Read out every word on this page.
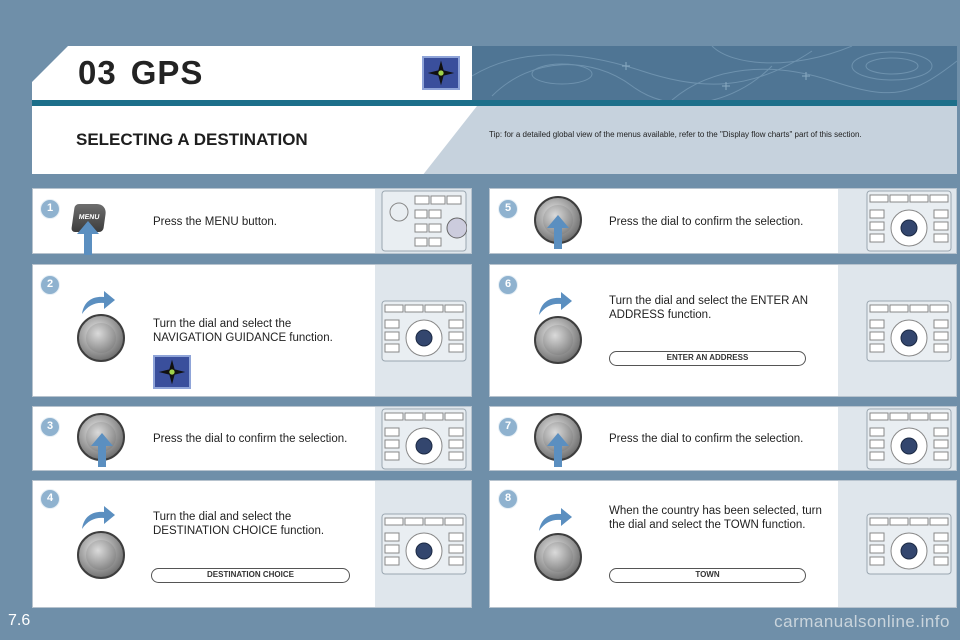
03 GPS
SELECTING A DESTINATION	Tip: for a detailed global view of the menus available, refer to the "Display flow charts" part of this section.
MENU
1
Press the MENU button.
2
Turn the dial and select the NAVIGATION GUIDANCE function.
3
Press the dial to confirm the selection.
4
Turn the dial and select the DESTINATION CHOICE function.
DESTINATION CHOICE
5
Press the dial to confirm the selection.
6
Turn the dial and select the ENTER AN ADDRESS function.
ENTER AN ADDRESS
7
Press the dial to confirm the selection.
8
When the country has been selected, turn the dial and select the TOWN function.
TOWN
7.6	carmanualsonline.info
